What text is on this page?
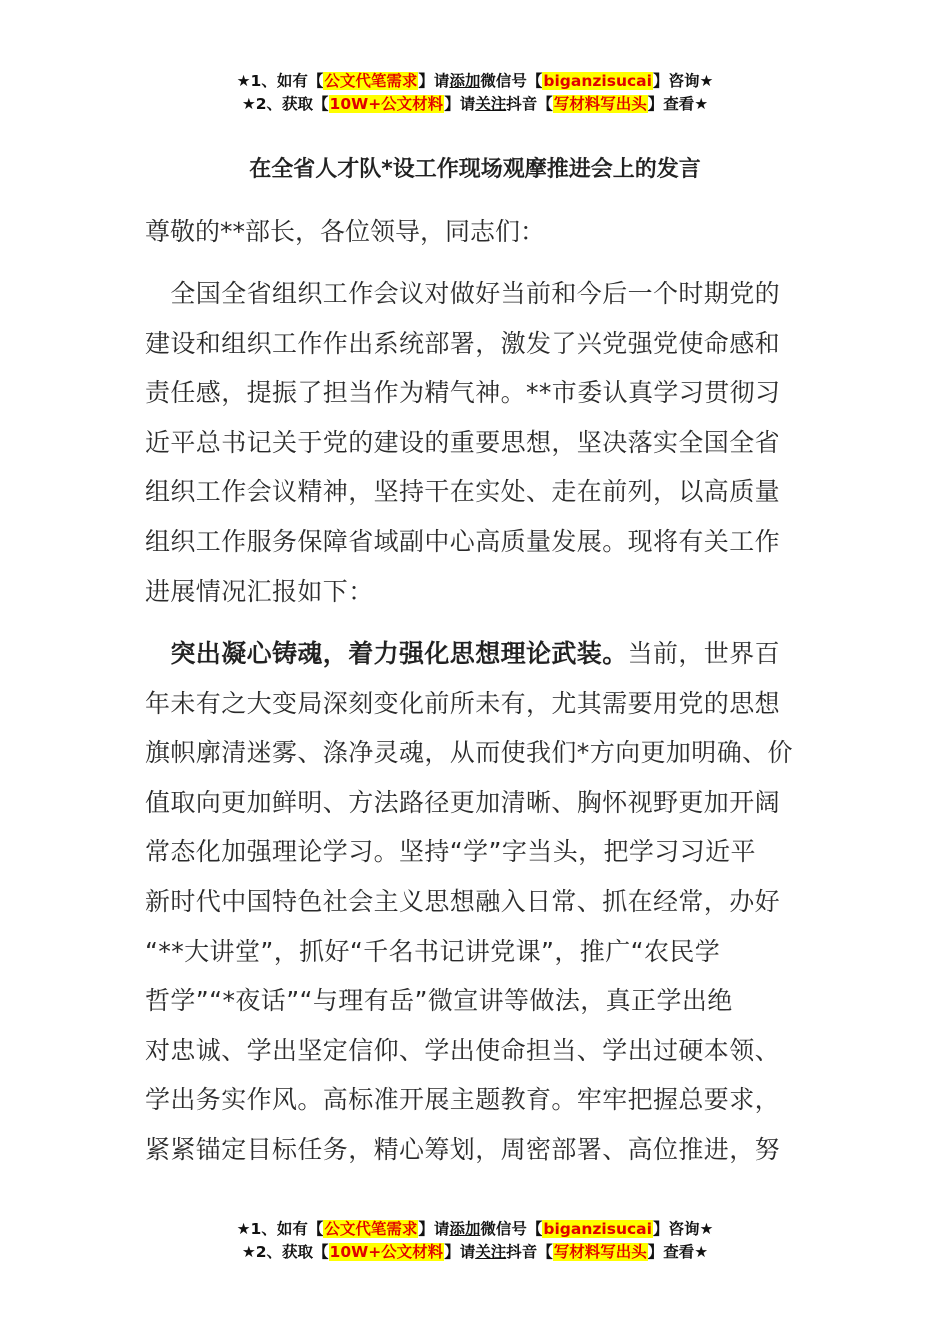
★1、如有【公文代笔需求】请添加微信号【biganzisucai】咨询★
★2、获取【10W+公文材料】请关注抖音【写材料写出头】查看★
在全省人才队*设工作现场观摩推进会上的发言
尊敬的**部长，各位领导，同志们：
　全国全省组织工作会议对做好当前和今后一个时期党的
建设和组织工作作出系统部署，激发了兴党强党使命感和
责任感，提振了担当作为精气神。**市委认真学习贯彻习
近平总书记关于党的建设的重要思想，坚决落实全国全省
组织工作会议精神，坚持干在实处、走在前列，以高质量
组织工作服务保障省域副中心高质量发展。现将有关工作
进展情况汇报如下：
　突出凝心铸魂，着力强化思想理论武装。当前，世界百
年未有之大变局深刻变化前所未有，尤其需要用党的思想
旗帜廓清迷雾、涤净灵魂，从而使我们*方向更加明确、价
值取向更加鲜明、方法路径更加清晰、胸怀视野更加开阔
常态化加强理论学习。坚持“学”字当头，把学习习近平
新时代中国特色社会主义思想融入日常、抓在经常，办好
“**大讲堂”，抓好“千名书记讲党课”，推广“农民学
哲学”“*夜话”“与理有岳”微宣讲等做法，真正学出绝
对忠诚、学出坚定信仰、学出使命担当、学出过硬本领、
学出务实作风。高标准开展主题教育。牢牢把握总要求，
紧紧锚定目标任务，精心筹划，周密部署、高位推进，努
★1、如有【公文代笔需求】请添加微信号【biganzisucai】咨询★
★2、获取【10W+公文材料】请关注抖音【写材料写出头】查看★
